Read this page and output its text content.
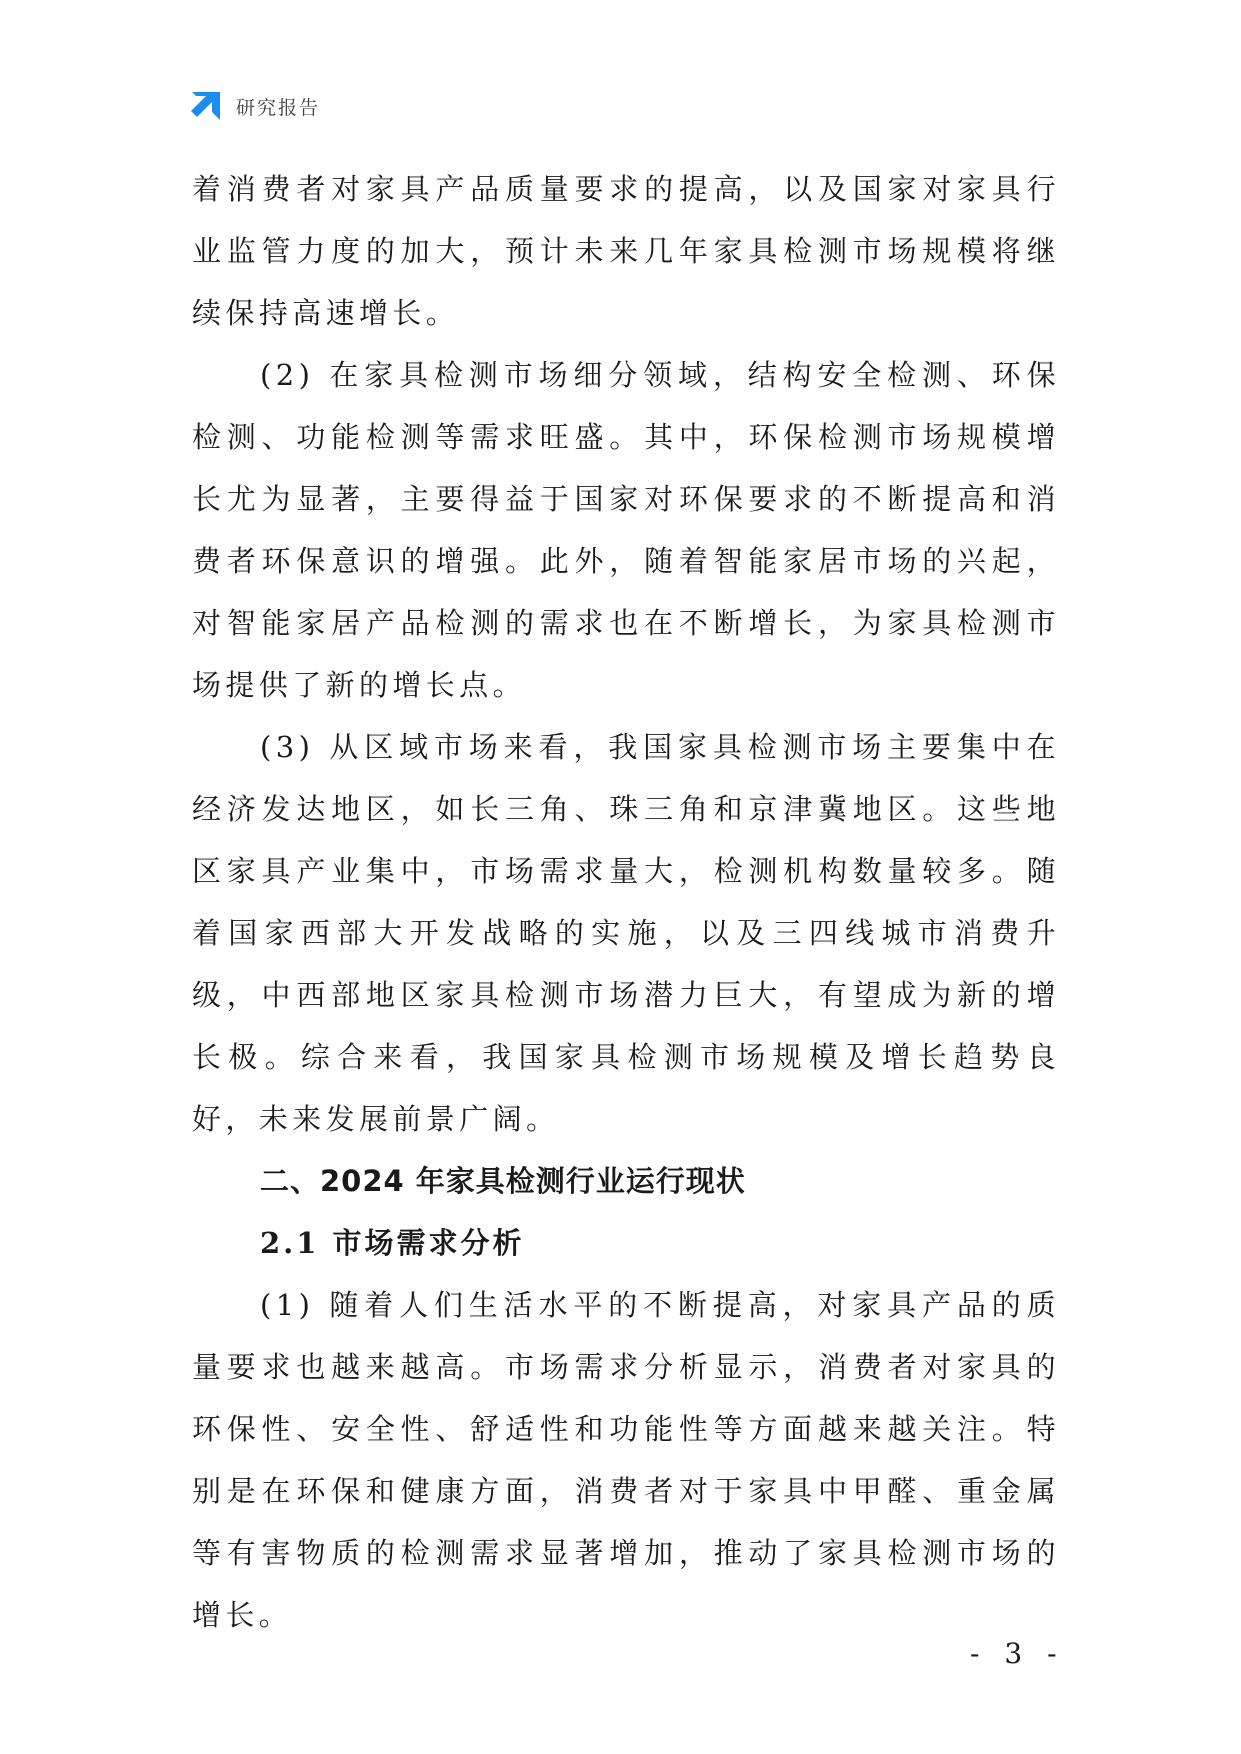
研究报告

着消费者对家具产品质量要求的提高，以及国家对家具行业监管力度的加大，预计未来几年家具检测市场规模将继续保持高速增长。

(2) 在家具检测市场细分领域，结构安全检测、环保检测、功能检测等需求旺盛。其中，环保检测市场规模增长尤为显著，主要得益于国家对环保要求的不断提高和消费者环保意识的增强。此外，随着智能家居市场的兴起，对智能家居产品检测的需求也在不断增长，为家具检测市场提供了新的增长点。

(3) 从区域市场来看，我国家具检测市场主要集中在经济发达地区，如长三角、珠三角和京津冀地区。这些地区家具产业集中，市场需求量大，检测机构数量较多。随着国家西部大开发战略的实施，以及三四线城市消费升级，中西部地区家具检测市场潜力巨大，有望成为新的增长极。综合来看，我国家具检测市场规模及增长趋势良好，未来发展前景广阔。

二、2024 年家具检测行业运行现状
2.1 市场需求分析

(1) 随着人们生活水平的不断提高，对家具产品的质量要求也越来越高。市场需求分析显示，消费者对家具的环保性、安全性、舒适性和功能性等方面越来越关注。特别是在环保和健康方面，消费者对于家具中甲醛、重金属等有害物质的检测需求显著增加，推动了家具检测市场的增长。

- 3 -
